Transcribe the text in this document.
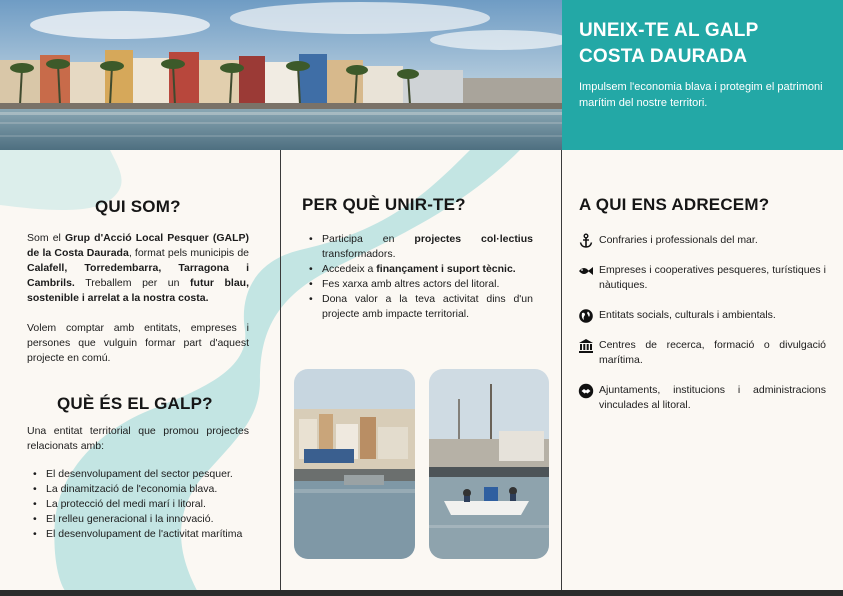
UNEIX-TE AL GALP
COSTA DAURADA

Impulsem l'economia blava i protegim el patrimoni marítim del nostre territori.

QUI SOM?
Som el Grup d'Acció Local Pesquer (GALP) de la Costa Daurada, format pels municipis de Calafell, Torredembarra, Tarragona i Cambrils. Treballem per un futur blau, sostenible i arrelat a la nostra costa.
Volem comptar amb entitats, empreses i persones que vulguin formar part d'aquest projecte en comú.
QUÈ ÉS EL GALP?
Una entitat territorial que promou projectes relacionats amb:
• El desenvolupament del sector pesquer.
• La dinamització de l'economia blava.
• La protecció del medi marí i litoral.
• El relleu generacional i la innovació.
• El desenvolupament de l'activitat marítima
PER QUÈ UNIR-TE?
• Participa en projectes col·lectius transformadors.
• Accedeix a finançament i suport tècnic.
• Fes xarxa amb altres actors del litoral.
• Dona valor a la teva activitat dins d'un projecte amb impacte territorial.
A QUI ENS ADRECEM?
Confraries i professionals del mar.
Empreses i cooperatives pesqueres, turístiques i nàutiques.
Entitats socials, culturals i ambientals.
Centres de recerca, formació o divulgació marítima.
Ajuntaments, institucions i administracions vinculades al litoral.
